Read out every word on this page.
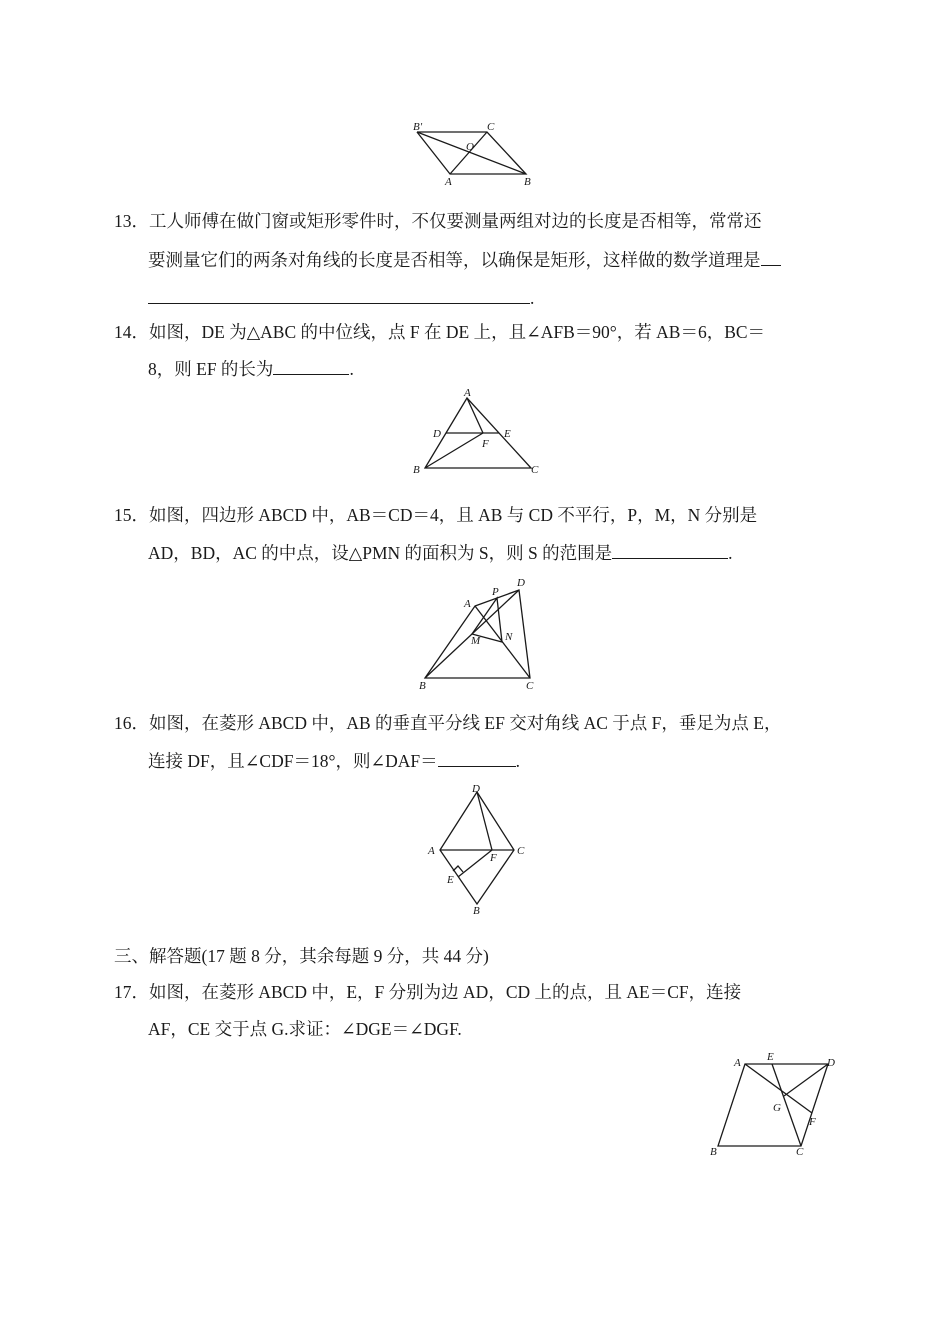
B′	C
O
A	B
13．工人师傅在做门窗或矩形零件时，不仅要测量两组对边的长度是否相等，常常还
要测量它们的两条对角线的长度是否相等，以确保是矩形，这样做的数学道理是
.
14．如图，DE 为△ABC 的中位线，点 F 在 DE 上，且∠AFB＝90°，若 AB＝6，BC＝
8，则 EF 的长为	.
A
D	E
F
B	C
15．如图，四边形 ABCD 中，AB＝CD＝4，且 AB 与 CD 不平行，P，M，N 分别是
AD，BD，AC 的中点，设△PMN 的面积为 S，则 S 的范围是	.
D
P
A
M N
B	C
16．如图，在菱形 ABCD 中，AB 的垂直平分线 EF 交对角线 AC 于点 F，垂足为点 E，
连接 DF，且∠CDF＝18°，则∠DAF＝	.
D
A	C
F
E
B
三、解答题(17 题 8 分，其余每题 9 分，共 44 分)
17．如图，在菱形 ABCD 中，E，F 分别为边 AD，CD 上的点，且 AE＝CF，连接
AF，CE 交于点 G.求证：∠DGE＝∠DGF.
A E	D
G
F
B	C
